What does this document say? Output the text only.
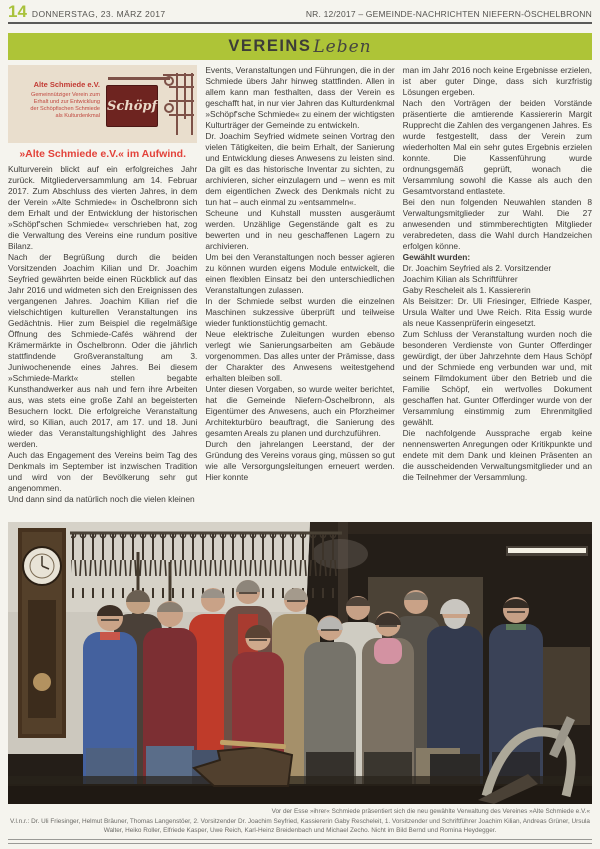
14 DONNERSTAG, 23. MÄRZ 2017	NR. 12/2017 – GEMEINDE-NACHRICHTEN NIEFERN-ÖSCHELBRONN
VEREINS Leben
Alte Schmiede e.V.
Gemeinnütziger Verein zum
Erhalt und zur Entwicklung
der Schöpfischen Schmiede
als Kulturdenkmal
Schöpf
»Alte Schmiede e.V.« im Aufwind.

Kulturverein blickt auf ein erfolgreiches Jahr zurück. Mitgliederversammlung am 14. Februar 2017. Zum Abschluss des vierten Jahres, in dem der Verein »Alte Schmiede« in Öschelbronn sich dem Erhalt und der Entwicklung der historischen »Schöpf'schen Schmiede« verschrieben hat, zog die Verwaltung des Vereins eine rundum positive Bilanz.

Nach der Begrüßung durch die beiden Vorsitzenden Joachim Kilian und Dr. Joachim Seyfried gewährten beide einen Rückblick auf das Jahr 2016 und widmeten sich den Ereignissen des vergangenen Jahres. Joachim Kilian rief die vielschichtigen kulturellen Veranstaltungen ins Gedächtnis. Hier zum Beispiel die regelmäßige Öffnung des Schmiede-Cafés während der Krämermärkte in Öschelbronn. Oder die jährlich stattfindende Großveranstaltung am 3. Juniwochenende eines Jahres. Bei diesem »Schmiede-Markt« stellen begabte Kunsthandwerker aus nah und fern ihre Arbeiten aus, was stets eine große Zahl an begeisterten Besuchern lockt. Die erfolgreiche Veranstaltung wird, so Kilian, auch 2017, am 17. und 18. Juni wieder das Veranstaltungshighlight des Jahres werden.

Auch das Engagement des Vereins beim Tag des Denkmals im September ist inzwischen Tradition und wird von der Bevölkerung sehr gut angenommen.

Und dann sind da natürlich noch die vielen kleinen

Events, Veranstaltungen und Führungen, die in der Schmiede übers Jahr hinweg stattfinden. Allen in allem kann man festhalten, dass der Verein es geschafft hat, in nur vier Jahren das Kulturdenkmal »Schöpf'sche Schmiede« zu einem der wichtigsten Kulturträger der Gemeinde zu entwickeln.

Dr. Joachim Seyfried widmete seinen Vortrag den vielen Tätigkeiten, die beim Erhalt, der Sanierung und Entwicklung dieses Anwesens zu leisten sind. Da gilt es das historische Inventar zu sichten, zu archivieren, sicher einzulagern und – wenn es mit dem eigentlichen Zweck des Denkmals nicht zu tun hat – auch einmal zu »entsammeln«.

Scheune und Kuhstall mussten ausgeräumt werden. Unzählige Gegenstände galt es zu bewerten und in neu geschaffenen Lagern zu archivieren.

Um bei den Veranstaltungen noch besser agieren zu können wurden eigens Module entwickelt, die einen flexiblen Einsatz bei den unterschiedlichen Veranstaltungen zulassen.

In der Schmiede selbst wurden die einzelnen Maschinen sukzessive überprüft und teilweise wieder funktionstüchtig gemacht.

Neue elektrische Zuleitungen wurden ebenso verlegt wie Sanierungsarbeiten am Gebäude vorgenommen. Das alles unter der Prämisse, dass der Charakter des Anwesens weitestgehend erhalten bleiben soll.

Unter diesen Vorgaben, so wurde weiter berichtet, hat die Gemeinde Niefern-Öschelbronn, als Eigentümer des Anwesens, auch ein Pforzheimer Architekturbüro beauftragt, die Sanierung des gesamten Areals zu planen und durchzuführen.

Durch den jahrelangen Leerstand, der der Gründung des Vereins voraus ging, müssen so gut wie alle Versorgungsleitungen erneuert werden. Hier konnte

man im Jahr 2016 noch keine Ergebnisse erzielen, ist aber guter Dinge, dass sich kurzfristig Lösungen ergeben.

Nach den Vorträgen der beiden Vorstände präsentierte die amtierende Kassiererin Margit Rupprecht die Zahlen des vergangenen Jahres. Es wurde festgestellt, dass der Verein zum wiederholten Mal ein sehr gutes Ergebnis erzielen konnte. Die Kassenführung wurde ordnungsgemäß geprüft, wonach die Versammlung sowohl die Kasse als auch den Gesamtvorstand entlastete.

Bei den nun folgenden Neuwahlen standen 8 Verwaltungsmitglieder zur Wahl. Die 27 anwesenden und stimmberechtigten Mitglieder verabredeten, dass die Wahl durch Handzeichen erfolgen könne.

Gewählt wurden:

Dr. Joachim Seyfried als 2. Vorsitzender
Joachim Kilian als Schriftführer
Gaby Rescheleit als 1. Kassiererin

Als Beisitzer: Dr. Uli Friesinger, Elfriede Kasper, Ursula Walter und Uwe Reich. Rita Essig wurde als neue Kassenprüferin eingesetzt.

Zum Schluss der Veranstaltung wurden noch die besonderen Verdienste von Gunter Offerdinger gewürdigt, der über Jahrzehnte dem Haus Schöpf und der Schmiede eng verbunden war und, mit seinem Filmdokument über den Betrieb und die Familie Schöpf, ein wertvolles Dokument geschaffen hat. Gunter Offerdinger wurde von der Versammlung einstimmig zum Ehrenmitglied gewählt.

Die nachfolgende Aussprache ergab keine nennenswerten Anregungen oder Kritikpunkte und endete mit dem Dank und kleinen Präsenten an die ausscheidenden Verwaltungsmitglieder und an die Teilnehmer der Versammlung.

Vor der Esse »ihrer« Schmiede präsentiert sich die neu gewählte Verwaltung des Vereines »Alte Schmiede e.V.«
V.l.n.r.: Dr. Uli Friesinger, Helmut Bräuner, Thomas Langenstöer, 2. Vorsitzender Dr. Joachim Seyfried, Kassiererin Gaby Rescheleit, 1. Vorsitzender und Schriftführer Joachim Kilian, Andreas Grüner, Ursula Walter, Heiko Roller, Elfriede Kasper, Uwe Reich, Karl-Heinz Breidenbach und Michael Zecho. Nicht im Bild Bernd und Romina Heydegger.
